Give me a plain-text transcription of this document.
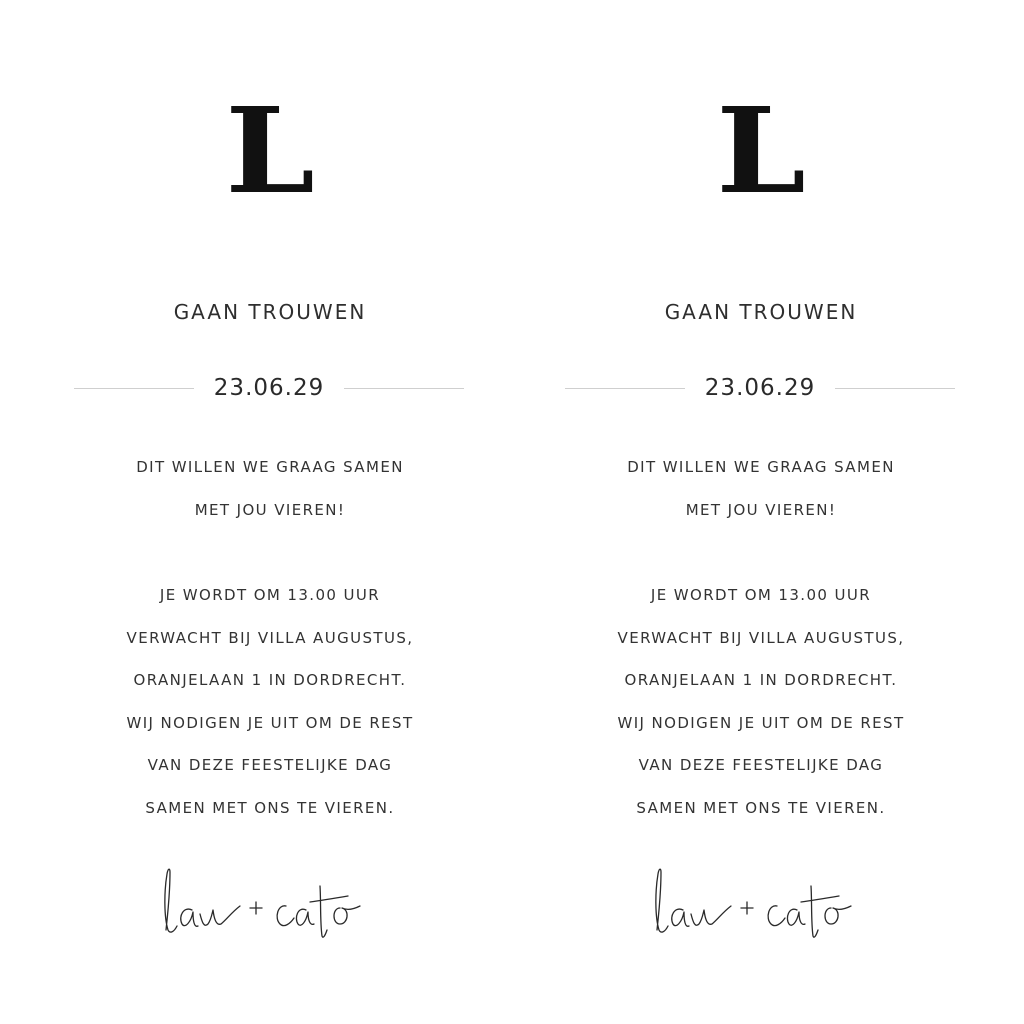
L
GAAN TROUWEN
23.06.29
DIT WILLEN WE GRAAG SAMEN
MET JOU VIEREN!
JE WORDT OM 13.00 UUR
VERWACHT BIJ VILLA AUGUSTUS,
ORANJELAAN 1 IN DORDRECHT.
WIJ NODIGEN JE UIT OM DE REST
VAN DEZE FEESTELIJKE DAG
SAMEN MET ONS TE VIEREN.
L
GAAN TROUWEN
23.06.29
DIT WILLEN WE GRAAG SAMEN
MET JOU VIEREN!
JE WORDT OM 13.00 UUR
VERWACHT BIJ VILLA AUGUSTUS,
ORANJELAAN 1 IN DORDRECHT.
WIJ NODIGEN JE UIT OM DE REST
VAN DEZE FEESTELIJKE DAG
SAMEN MET ONS TE VIEREN.
